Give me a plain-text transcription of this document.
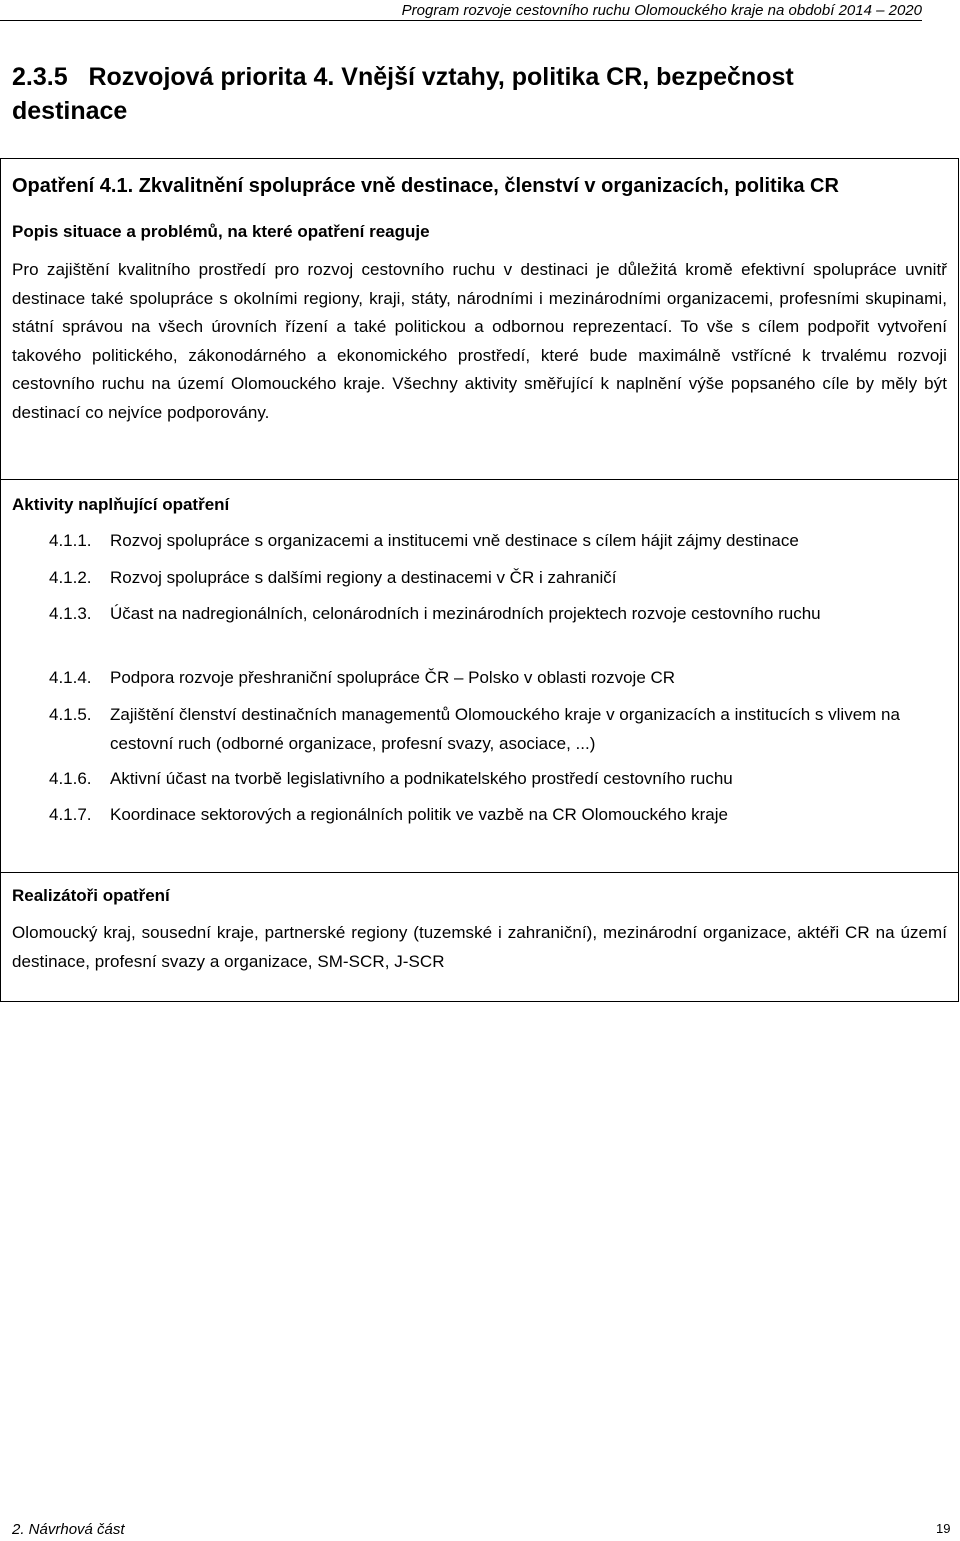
Program rozvoje cestovního ruchu Olomouckého kraje na období 2014 – 2020
2.3.5   Rozvojová priorita 4. Vnější vztahy, politika CR, bezpečnost
destinace
Opatření 4.1. Zkvalitnění spolupráce vně destinace, členství v organizacích, politika CR
Popis situace a problémů, na které opatření reaguje
Pro zajištění kvalitního prostředí pro rozvoj cestovního ruchu v destinaci je důležitá kromě efektivní spolupráce uvnitř destinace také spolupráce s okolními regiony, kraji, státy, národními i mezinárodními organizacemi, profesními skupinami, státní správou na všech úrovních řízení a také politickou a odbornou reprezentací. To vše s cílem podpořit vytvoření takového politického, zákonodárného a ekonomického prostředí, které bude maximálně vstřícné k trvalému rozvoji cestovního ruchu na území Olomouckého kraje. Všechny aktivity směřující k naplnění výše popsaného cíle by měly být destinací co nejvíce podporovány.
Aktivity naplňující opatření
4.1.1. Rozvoj spolupráce s organizacemi a institucemi vně destinace s cílem hájit zájmy destinace
4.1.2. Rozvoj spolupráce s dalšími regiony a destinacemi v ČR i zahraničí
4.1.3. Účast na nadregionálních, celonárodních i mezinárodních projektech rozvoje cestovního ruchu
4.1.4. Podpora rozvoje přeshraniční spolupráce ČR – Polsko v oblasti rozvoje CR
4.1.5. Zajištění členství destinačních managementů Olomouckého kraje v organizacích a institucích s vlivem na cestovní ruch (odborné organizace, profesní svazy, asociace, ...)
4.1.6. Aktivní účast na tvorbě legislativního a podnikatelského prostředí cestovního ruchu
4.1.7. Koordinace sektorových a regionálních politik ve vazbě na CR Olomouckého kraje
Realizátoři opatření
Olomoucký kraj, sousední kraje, partnerské regiony (tuzemské i zahraniční), mezinárodní organizace, aktéři CR na území destinace, profesní svazy a organizace, SM-SCR, J-SCR
2. Návrhová část	19
